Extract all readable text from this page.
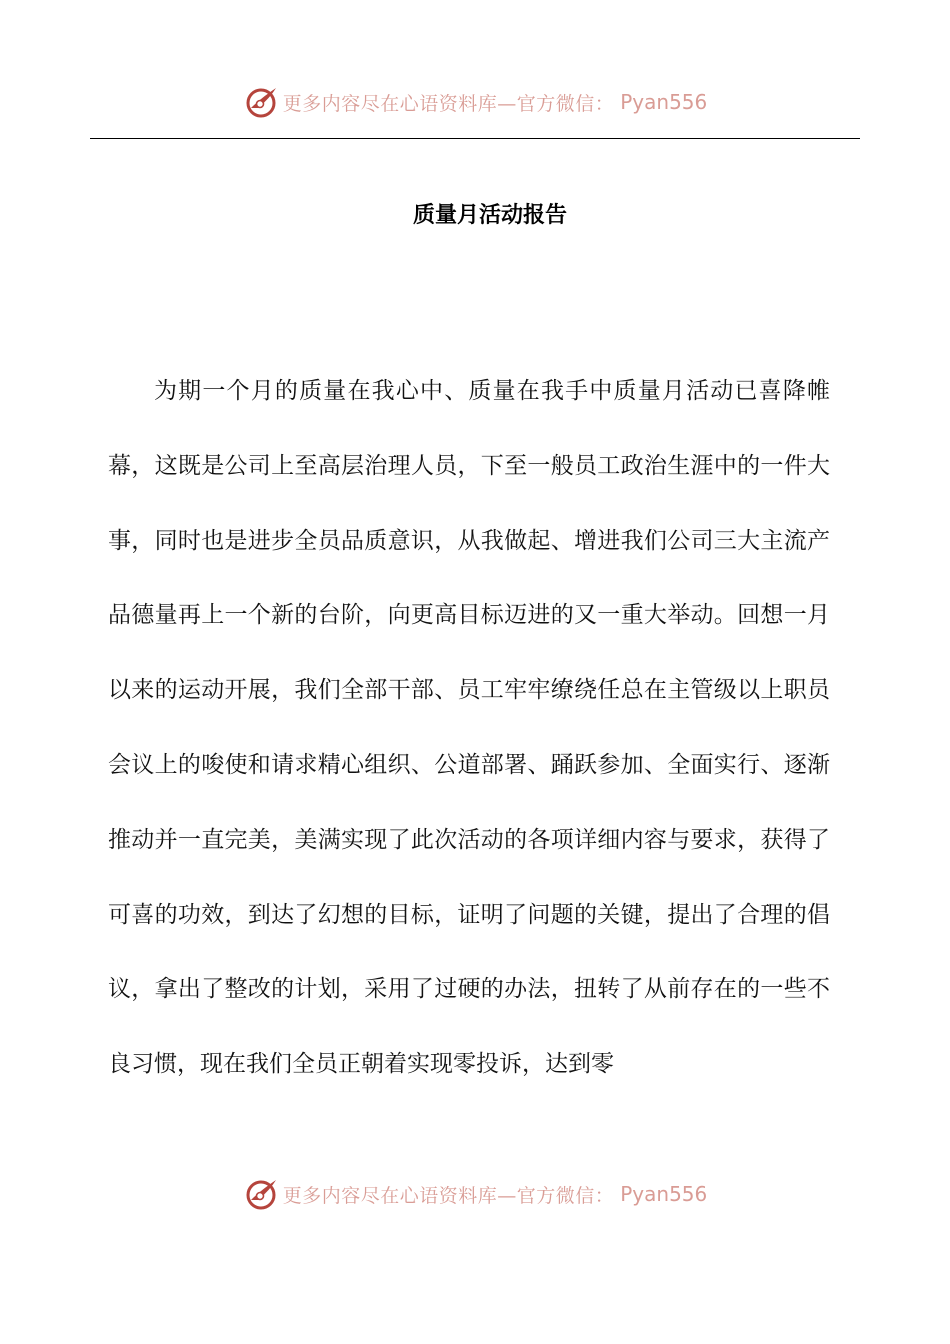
更多内容尽在心语资料库—官方微信： Pyan556
质量月活动报告

为期一个月的质量在我心中、质量在我手中质量月活动已喜降帷幕，这既是公司上至高层治理人员，下至一般员工政治生涯中的一件大事，同时也是进步全员品质意识，从我做起、增进我们公司三大主流产品德量再上一个新的台阶，向更高目标迈进的又一重大举动。回想一月以来的运动开展，我们全部干部、员工牢牢缭绕任总在主管级以上职员会议上的唆使和请求精心组织、公道部署、踊跃参加、全面实行、逐渐推动并一直完美，美满实现了此次活动的各项详细内容与要求，获得了可喜的功效，到达了幻想的目标，证明了问题的关键，提出了合理的倡议，拿出了整改的计划，采用了过硬的办法，扭转了从前存在的一些不良习惯，现在我们全员正朝着实现零投诉，达到零

更多内容尽在心语资料库—官方微信： Pyan556
